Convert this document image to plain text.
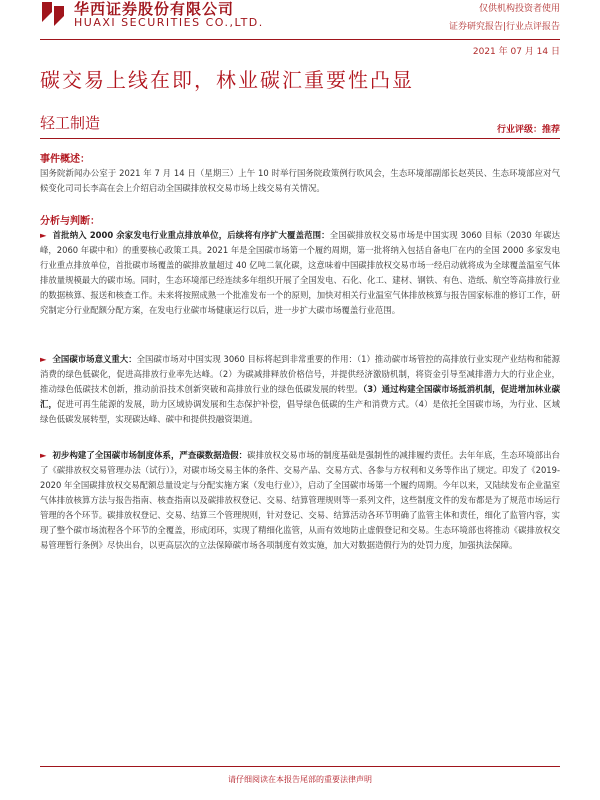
华西证券股份有限公司
HUAXI SECURITIES CO.,LTD.
仅供机构投资者使用
证券研究报告|行业点评报告
2021 年 07 月 14 日
碳交易上线在即，林业碳汇重要性凸显
轻工制造	行业评级：推荐
事件概述：
国务院新闻办公室于 2021 年 7 月 14 日（星期三）上午 10 时举行国务院政策例行吹风会，生态环境部副部长赵英民、生态环境部应对气候变化司司长李高在会上介绍启动全国碳排放权交易市场上线交易有关情况。
分析与判断：
► 首批纳入 2000 余家发电行业重点排放单位，后续将有序扩大覆盖范围：全国碳排放权交易市场是中国实现 3060 目标（2030 年碳达峰，2060 年碳中和）的重要核心政策工具。2021 年是全国碳市场第一个履约周期，第一批将纳入包括自备电厂在内的全国 2000 多家发电行业重点排放单位，首批碳市场覆盖的碳排放量超过 40 亿吨二氧化碳，这意味着中国碳排放权交易市场一经启动就将成为全球覆盖温室气体排放量规模最大的碳市场。同时，生态环境部已经连续多年组织开展了全国发电、石化、化工、建材、钢铁、有色、造纸、航空等高排放行业的数据核算、报送和核查工作。未来将按照成熟一个批准发布一个的原则，加快对相关行业温室气体排放核算与报告国家标准的修订工作，研究制定分行业配额分配方案，在发电行业碳市场健康运行以后，进一步扩大碳市场覆盖行业范围。
► 全国碳市场意义重大：全国碳市场对中国实现 3060 目标将起到非常重要的作用：（1）推动碳市场管控的高排放行业实现产业结构和能源消费的绿色低碳化，促进高排放行业率先达峰。（2）为碳减排释放价格信号，并提供经济激励机制，将资金引导至减排潜力大的行业企业，推动绿色低碳技术创新，推动前沿技术创新突破和高排放行业的绿色低碳发展的转型。（3）通过构建全国碳市场抵消机制，促进增加林业碳汇，促进可再生能源的发展，助力区域协调发展和生态保护补偿，倡导绿色低碳的生产和消费方式。（4）是依托全国碳市场，为行业、区域绿色低碳发展转型，实现碳达峰、碳中和提供投融资渠道。
► 初步构建了全国碳市场制度体系，严查碳数据造假：碳排放权交易市场的制度基础是强制性的减排履约责任。去年年底，生态环境部出台了《碳排放权交易管理办法（试行）》，对碳市场交易主体的条件、交易产品、交易方式、各参与方权利和义务等作出了规定。印发了《2019-2020 年全国碳排放权交易配额总量设定与分配实施方案（发电行业）》，启动了全国碳市场第一个履约周期。今年以来，又陆续发布企业温室气体排放核算方法与报告指南、核查指南以及碳排放权登记、交易、结算管理规则等一系列文件，这些制度文件的发布都是为了规范市场运行管理的各个环节。碳排放权登记、交易、结算三个管理规则，针对登记、交易、结算活动各环节明确了监管主体和责任，细化了监管内容，实现了整个碳市场流程各个环节的全覆盖，形成闭环，实现了精细化监管，从而有效地防止虚假登记和交易。生态环境部也将推动《碳排放权交易管理暂行条例》尽快出台，以更高层次的立法保障碳市场各项制度有效实施，加大对数据造假行为的处罚力度，加强执法保障。
请仔细阅读在本报告尾部的重要法律声明
